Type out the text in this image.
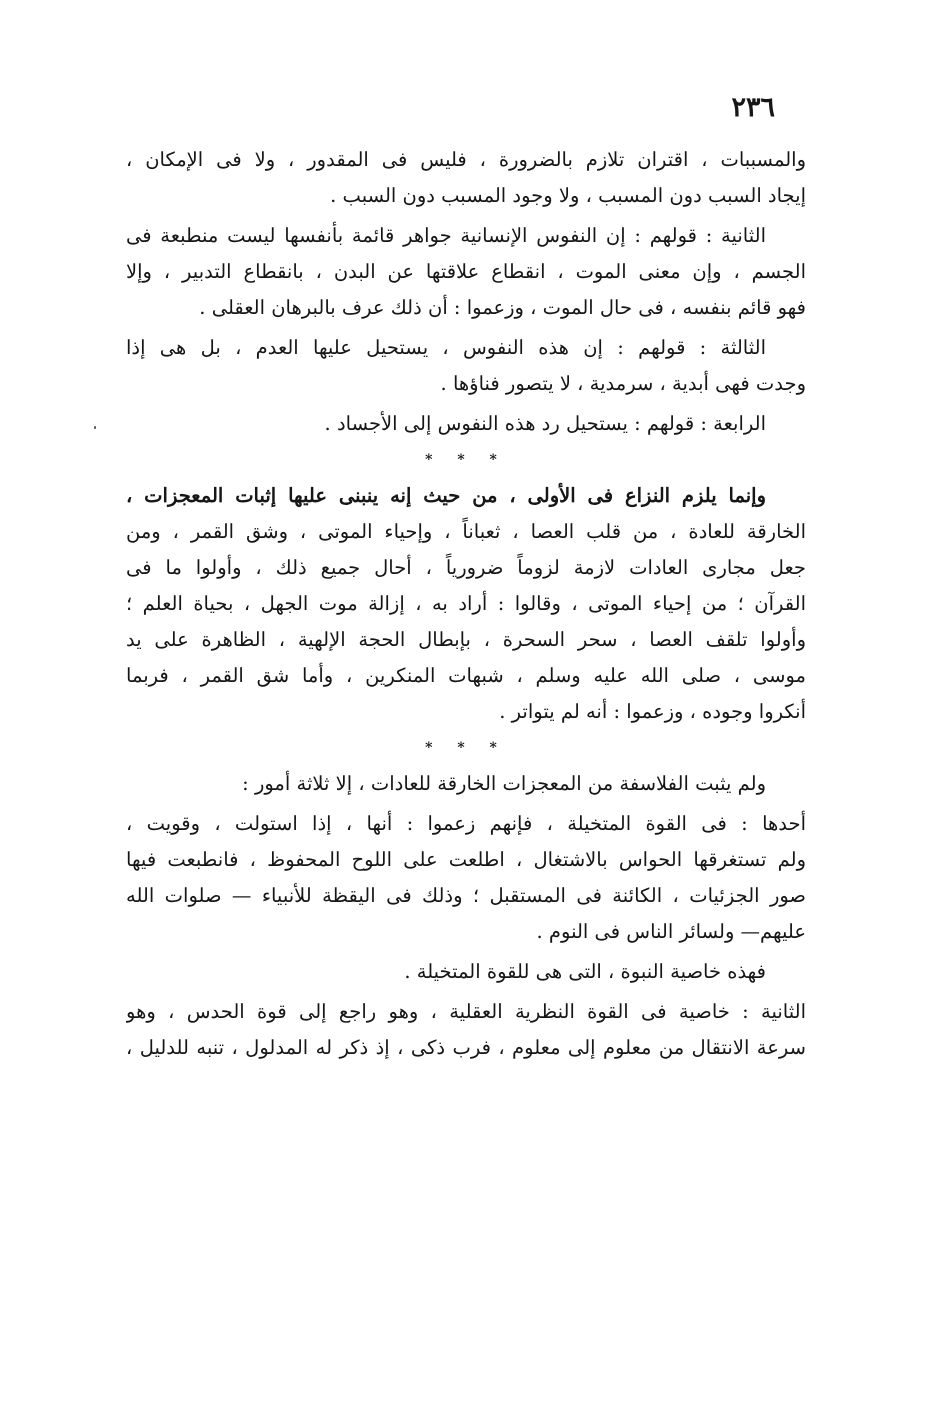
٢٣٦
والمسببات ، اقتران تلازم بالضرورة ، فليس فى المقدور ، ولا فى الإمكان ،
إيجاد السبب دون المسبب ، ولا وجود المسبب دون السبب .
الثانية : قولهم : إن النفوس الإنسانية جواهر قائمة بأنفسها ليست منطبعة فى
الجسم ، وإن معنى الموت ، انقطاع علاقتها عن البدن ، بانقطاع التدبير ، وإلا
فهو قائم بنفسه ، فى حال الموت ، وزعموا : أن ذلك عرف بالبرهان العقلى .
الثالثة : قولهم : إن هذه النفوس ، يستحيل عليها العدم ، بل هى إذا
وجدت فهى أبدية ، سرمدية ، لا يتصور فناؤها .
الرابعة : قولهم : يستحيل رد هذه النفوس إلى الأجساد .
* * *
وإنما يلزم النزاع فى الأولى ، من حيث إنه ينبنى عليها إثبات المعجزات ،
الخارقة للعادة ، من قلب العصا ، ثعباناً ، وإحياء الموتى ، وشق القمر ، ومن
جعل مجارى العادات لازمة لزوماً ضرورياً ، أحال جميع ذلك ، وأولوا ما فى
القرآن ؛ من إحياء الموتى ، وقالوا : أراد به ، إزالة موت الجهل ، بحياة العلم ؛
وأولوا تلقف العصا ، سحر السحرة ، بإبطال الحجة الإلهية ، الظاهرة على يد
موسى ، صلى الله عليه وسلم ، شبهات المنكرين ، وأما شق القمر ، فربما
أنكروا وجوده ، وزعموا : أنه لم يتواتر .
* * *
ولم يثبت الفلاسفة من المعجزات الخارقة للعادات ، إلا ثلاثة أمور :
أحدها : فى القوة المتخيلة ، فإنهم زعموا : أنها ، إذا استولت ، وقويت ،
ولم تستغرقها الحواس بالاشتغال ، اطلعت على اللوح المحفوظ ، فانطبعت فيها
صور الجزئيات ، الكائنة فى المستقبل ؛ وذلك فى اليقظة للأنبياء — صلوات الله
عليهم— ولسائر الناس فى النوم .
فهذه خاصية النبوة ، التى هى للقوة المتخيلة .
الثانية : خاصية فى القوة النظرية العقلية ، وهو راجع إلى قوة الحدس ، وهو
سرعة الانتقال من معلوم إلى معلوم ، فرب ذكى ، إذ ذكر له المدلول ، تنبه للدليل ،
